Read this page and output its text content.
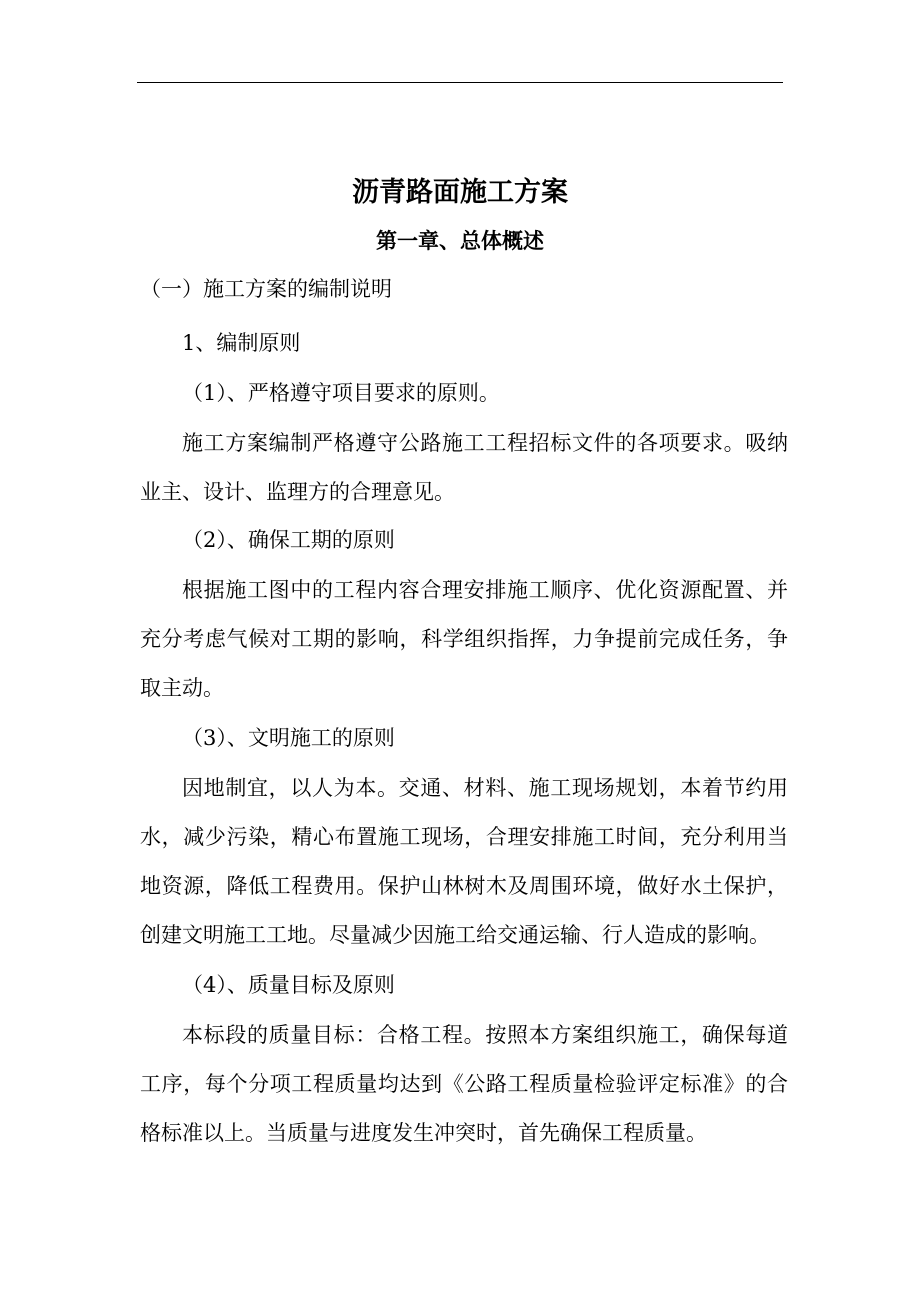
沥青路面施工方案
第一章、总体概述

（一）施工方案的编制说明

1、编制原则

（1）、严格遵守项目要求的原则。

施工方案编制严格遵守公路施工工程招标文件的各项要求。吸纳业主、设计、监理方的合理意见。

（2）、确保工期的原则

根据施工图中的工程内容合理安排施工顺序、优化资源配置、并充分考虑气候对工期的影响，科学组织指挥，力争提前完成任务，争取主动。

（3）、文明施工的原则

因地制宜，以人为本。交通、材料、施工现场规划，本着节约用水，减少污染，精心布置施工现场，合理安排施工时间，充分利用当地资源，降低工程费用。保护山林树木及周围环境，做好水土保护，创建文明施工工地。尽量减少因施工给交通运输、行人造成的影响。

（4）、质量目标及原则

本标段的质量目标：合格工程。按照本方案组织施工，确保每道工序，每个分项工程质量均达到《公路工程质量检验评定标准》的合格标准以上。当质量与进度发生冲突时，首先确保工程质量。
